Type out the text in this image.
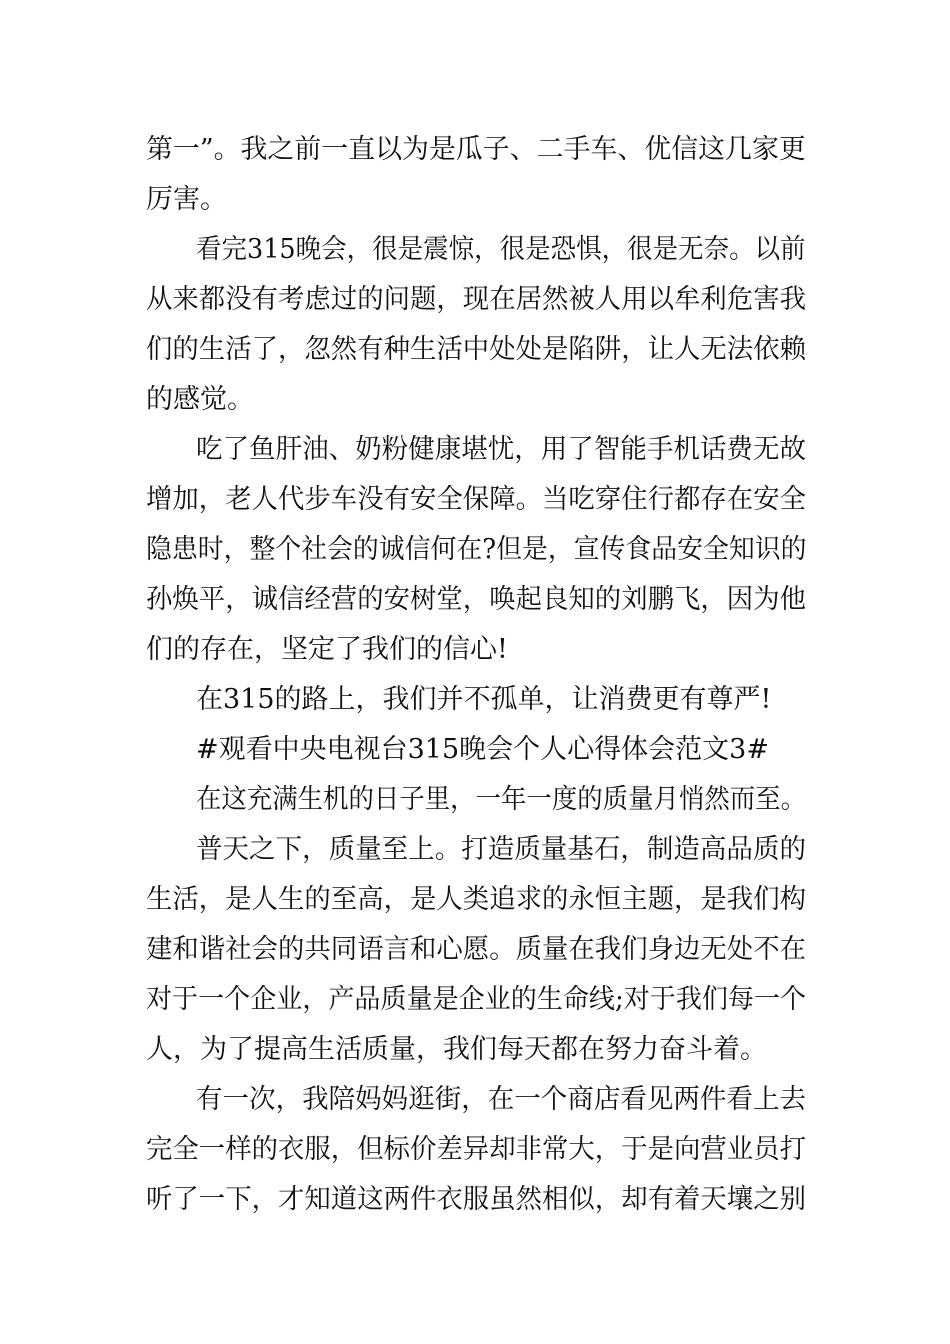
第一”。我之前一直以为是瓜子、二手车、优信这几家更
厉害。
看完315晚会，很是震惊，很是恐惧，很是无奈。以前
从来都没有考虑过的问题，现在居然被人用以牟利危害我
们的生活了，忽然有种生活中处处是陷阱，让人无法依赖
的感觉。
吃了鱼肝油、奶粉健康堪忧，用了智能手机话费无故
增加，老人代步车没有安全保障。当吃穿住行都存在安全
隐患时，整个社会的诚信何在?但是，宣传食品安全知识的
孙焕平，诚信经营的安树堂，唤起良知的刘鹏飞，因为他
们的存在，坚定了我们的信心!
在315的路上，我们并不孤单，让消费更有尊严!
#观看中央电视台315晚会个人心得体会范文3#
在这充满生机的日子里，一年一度的质量月悄然而至。
普天之下，质量至上。打造质量基石，制造高品质的
生活，是人生的至高，是人类追求的永恒主题，是我们构
建和谐社会的共同语言和心愿。质量在我们身边无处不在
对于一个企业，产品质量是企业的生命线;对于我们每一个
人，为了提高生活质量，我们每天都在努力奋斗着。
有一次，我陪妈妈逛街，在一个商店看见两件看上去
完全一样的衣服，但标价差异却非常大，于是向营业员打
听了一下，才知道这两件衣服虽然相似，却有着天壤之别
